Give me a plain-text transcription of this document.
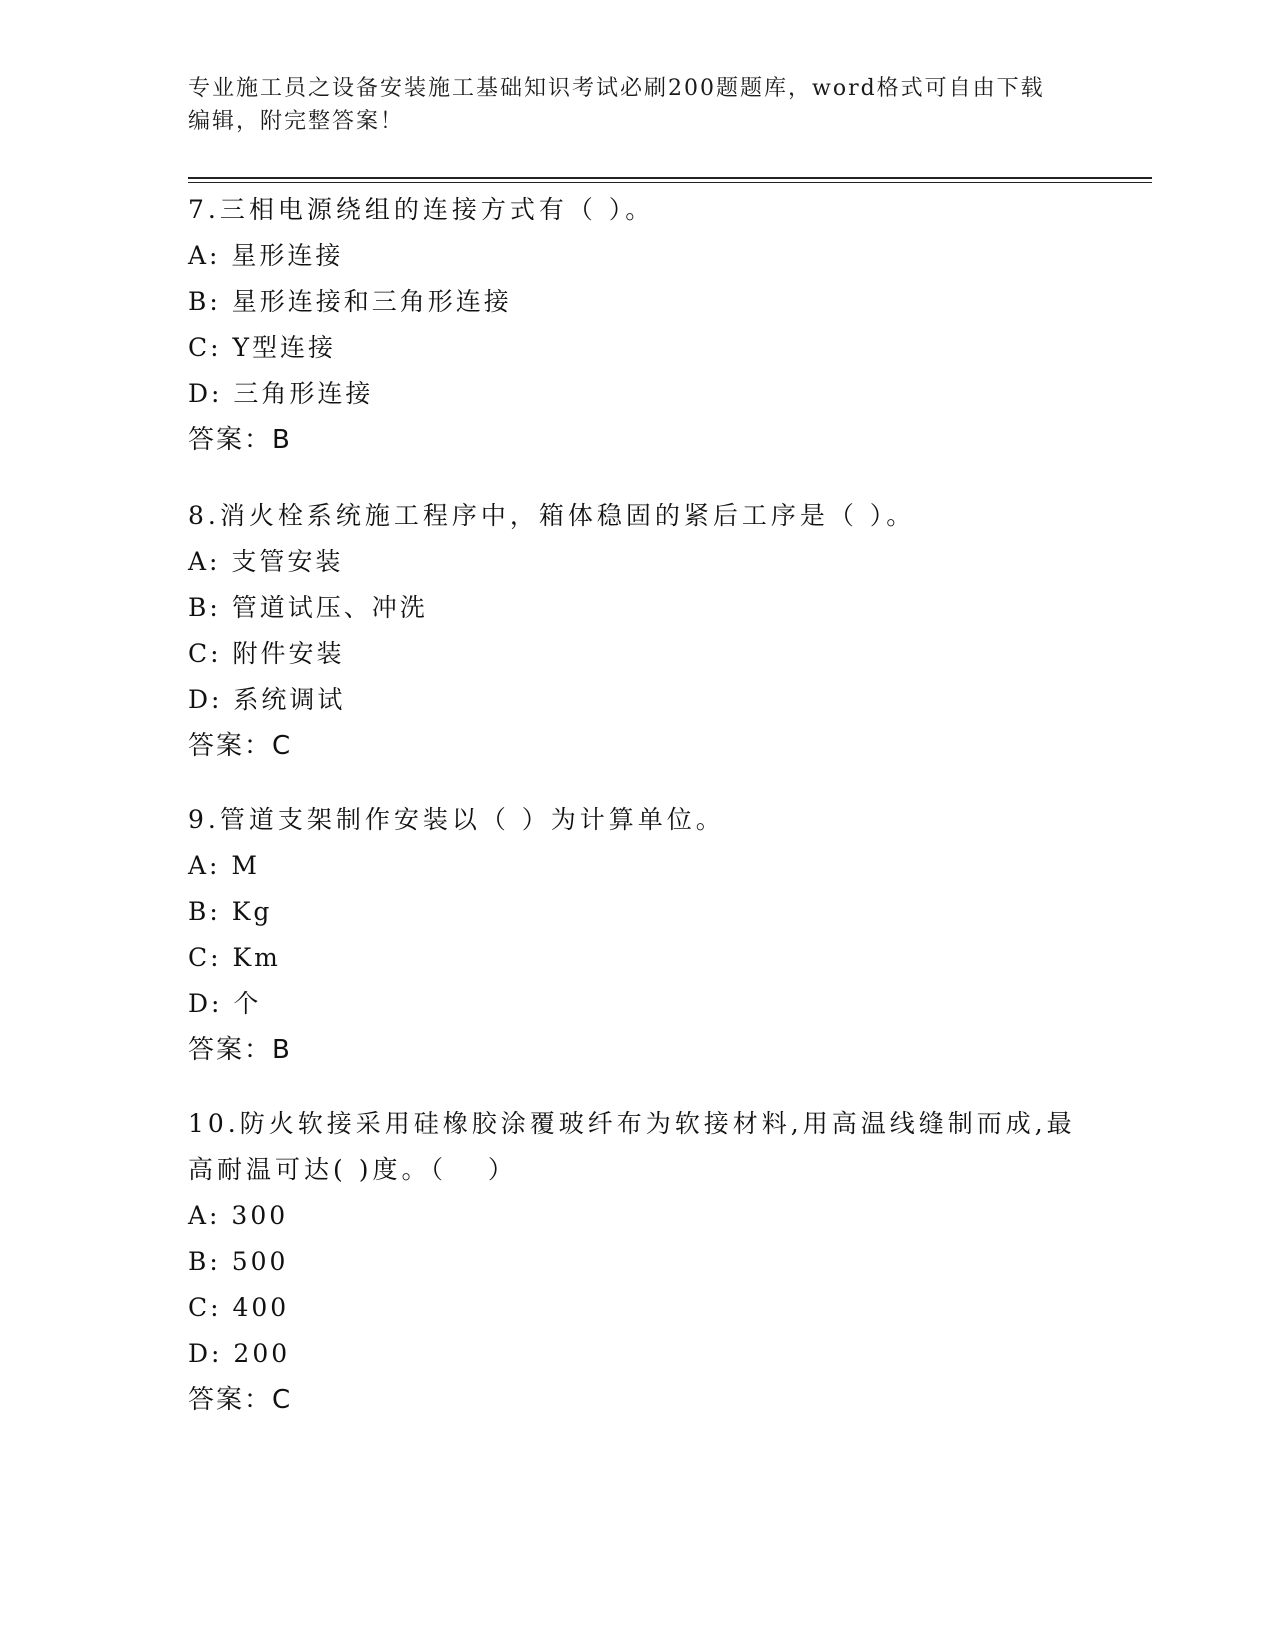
专业施工员之设备安装施工基础知识考试必刷200题题库，word格式可自由下载
编辑，附完整答案！

7.三相电源绕组的连接方式有（ ）。

A: 星形连接

B: 星形连接和三角形连接

C: Y型连接

D: 三角形连接

答案：B

8.消火栓系统施工程序中，箱体稳固的紧后工序是（ ）。

A: 支管安装

B: 管道试压、冲洗

C: 附件安装

D: 系统调试

答案：C

9.管道支架制作安装以（ ）为计算单位。

A: M

B: Kg

C: Km

D: 个

答案：B

10.防火软接采用硅橡胶涂覆玻纤布为软接材料,用高温线缝制而成,最

高耐温可达( )度。（　 ）

A: 300

B: 500

C: 400

D: 200

答案：C
